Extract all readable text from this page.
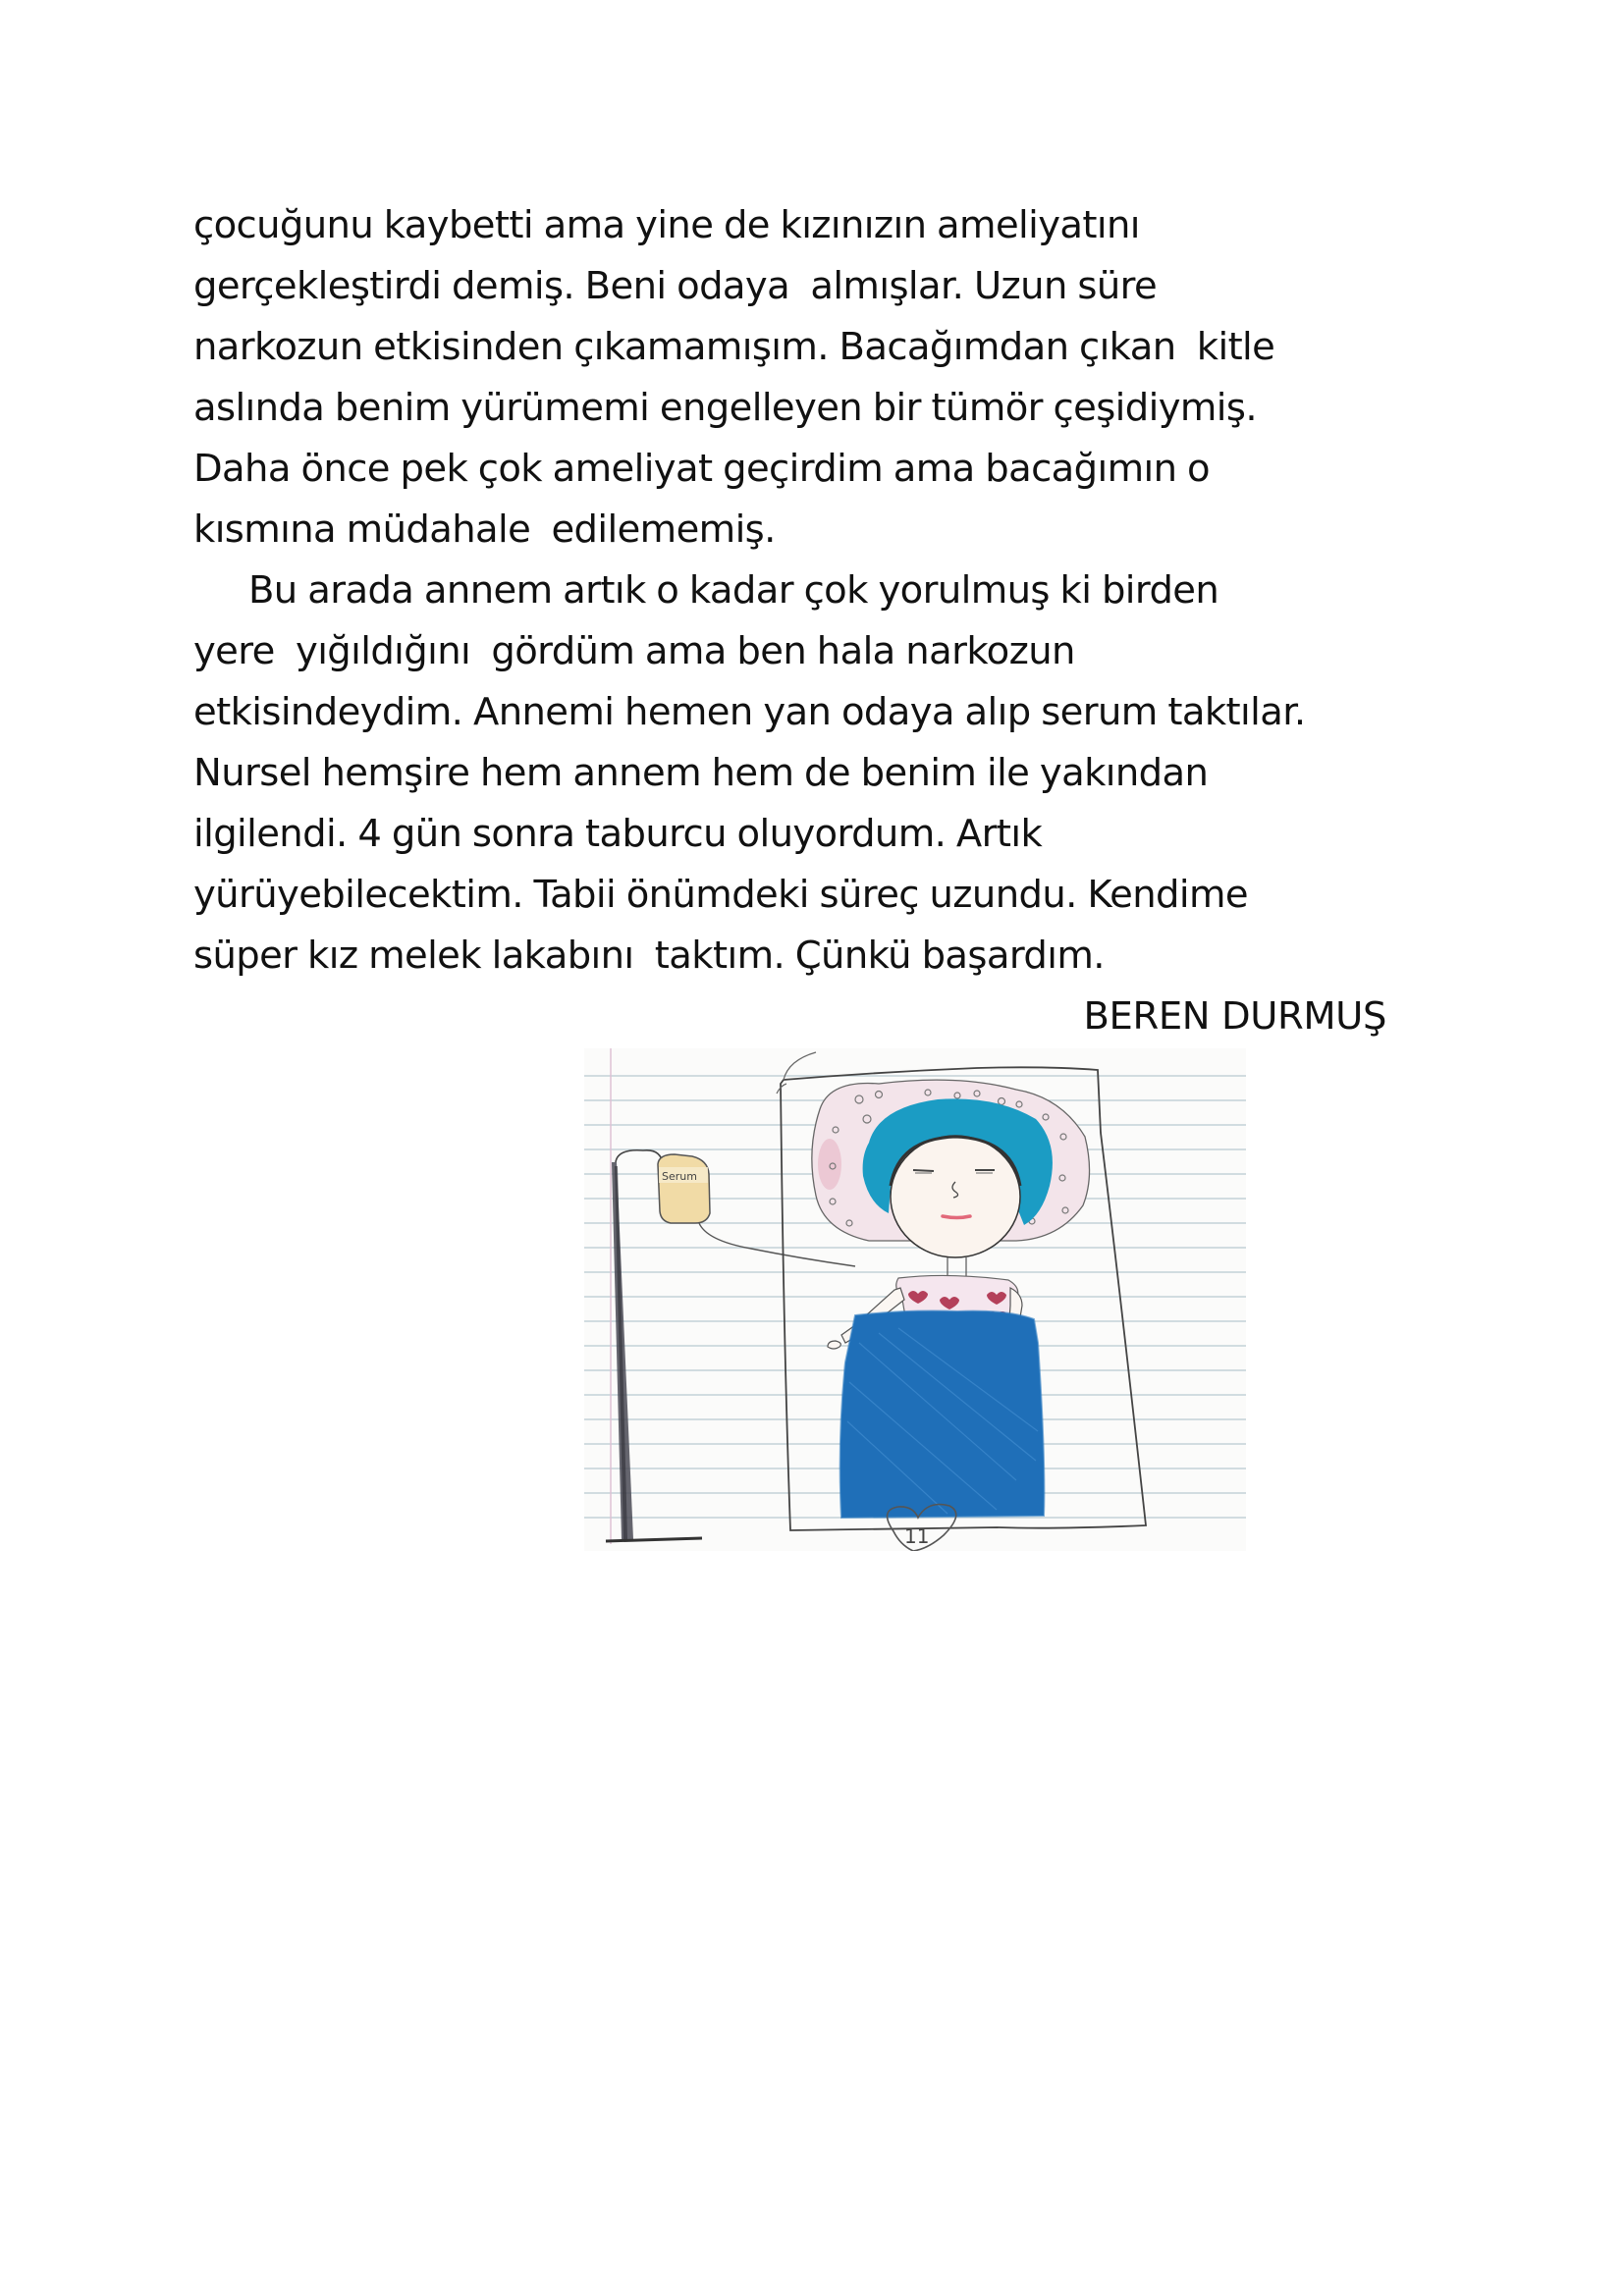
çocuğunu kaybetti ama yine de kızınızın ameliyatını
gerçekleştirdi demiş. Beni odaya  almışlar. Uzun süre
narkozun etkisinden çıkamamışım. Bacağımdan çıkan  kitle
aslında benim yürümemi engelleyen bir tümör çeşidiymiş.
Daha önce pek çok ameliyat geçirdim ama bacağımın o
kısmına müdahale  edilememiş.
Bu arada annem artık o kadar çok yorulmuş ki birden
yere  yığıldığını  gördüm ama ben hala narkozun
etkisindeydim. Annemi hemen yan odaya alıp serum taktılar.
Nursel hemşire hem annem hem de benim ile yakından
ilgilendi. 4 gün sonra taburcu oluyordum. Artık
yürüyebilecektim. Tabii önümdeki süreç uzundu. Kendime
süper kız melek lakabını  taktım. Çünkü başardım.
BEREN DURMUŞ
Serum
11
